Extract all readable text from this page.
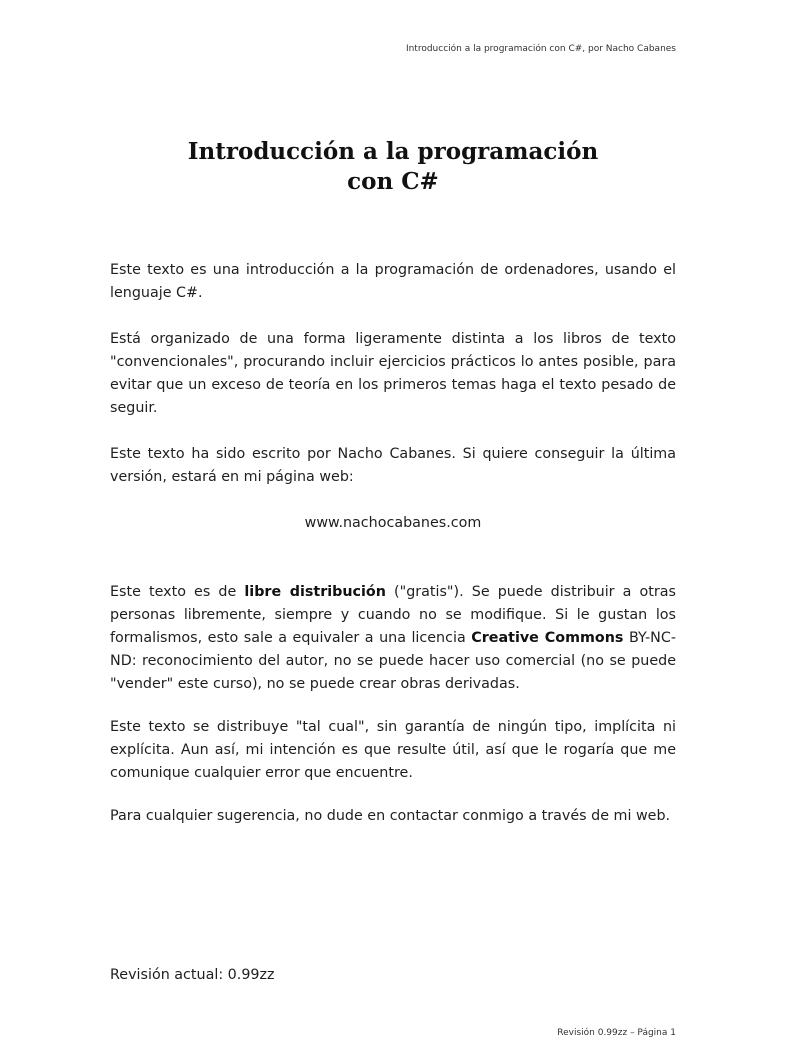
Introducción a la programación con C#, por Nacho Cabanes
Introducción a la programación
con C#

Este texto es una introducción a la programación de ordenadores, usando el lenguaje C#.

Está organizado de una forma ligeramente distinta a los libros de texto "convencionales", procurando incluir ejercicios prácticos lo antes posible, para evitar que un exceso de teoría en los primeros temas haga el texto pesado de seguir.

Este texto ha sido escrito por Nacho Cabanes. Si quiere conseguir la última versión, estará en mi página web:

www.nachocabanes.com

Este texto es de libre distribución ("gratis"). Se puede distribuir a otras personas libremente, siempre y cuando no se modifique. Si le gustan los formalismos, esto sale a equivaler a una licencia Creative Commons BY-NC-ND: reconocimiento del autor, no se puede hacer uso comercial (no se puede "vender" este curso), no se puede crear obras derivadas.

Este texto se distribuye "tal cual", sin garantía de ningún tipo, implícita ni explícita. Aun así, mi intención es que resulte útil, así que le rogaría que me comunique cualquier error que encuentre.

Para cualquier sugerencia, no dude en contactar conmigo a través de mi web.

Revisión actual: 0.99zz

Revisión 0.99zz – Página 1
